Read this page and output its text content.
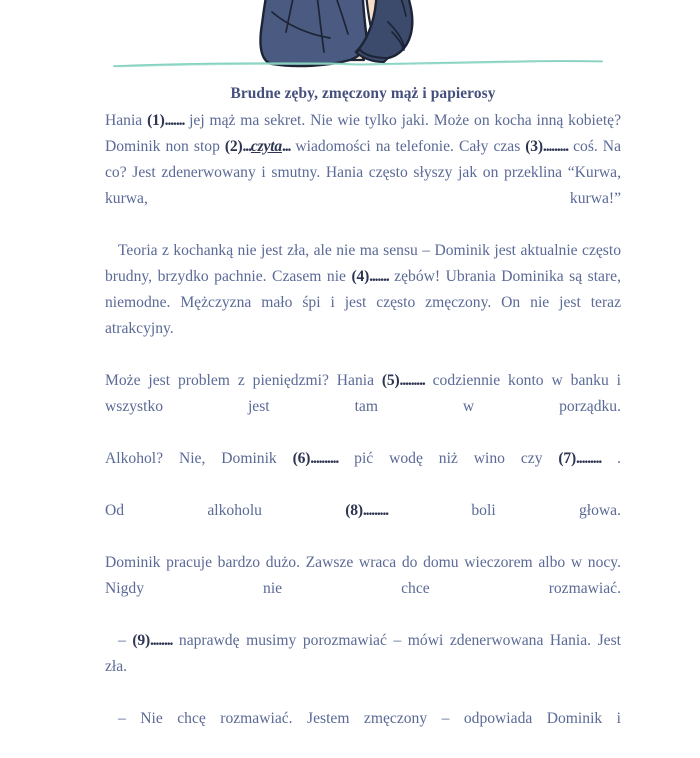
Brudne zęby, zmęczony mąż i papierosy

Hania (1)....... jej mąż ma sekret. Nie wie tylko jaki. Może on kocha inną kobietę? Dominik non stop (2)...czyta... wiadomości na telefonie. Cały czas (3)......... coś. Na co? Jest zdenerwowany i smutny. Hania często słyszy jak on przeklina “Kurwa, kurwa, kurwa!”

Teoria z kochanką nie jest zła, ale nie ma sensu – Dominik jest aktualnie często brudny, brzydko pachnie. Czasem nie (4)....... zębów! Ubrania Dominika są stare, niemodne. Mężczyzna mało śpi i jest często zmęczony. On nie jest teraz atrakcyjny.

Może jest problem z pieniędzmi? Hania (5)......... codziennie konto w banku i wszystko jest tam w porządku.

Alkohol? Nie, Dominik (6).......... pić wodę niż wino czy (7)......... .

Od alkoholu (8)......... boli głowa.

Dominik pracuje bardzo dużo. Zawsze wraca do domu wieczorem albo w nocy. Nigdy nie chce rozmawiać.

– (9)........ naprawdę musimy porozmawiać – mówi zdenerwowana Hania. Jest zła.

– Nie chcę rozmawiać. Jestem zmęczony – odpowiada Dominik i
